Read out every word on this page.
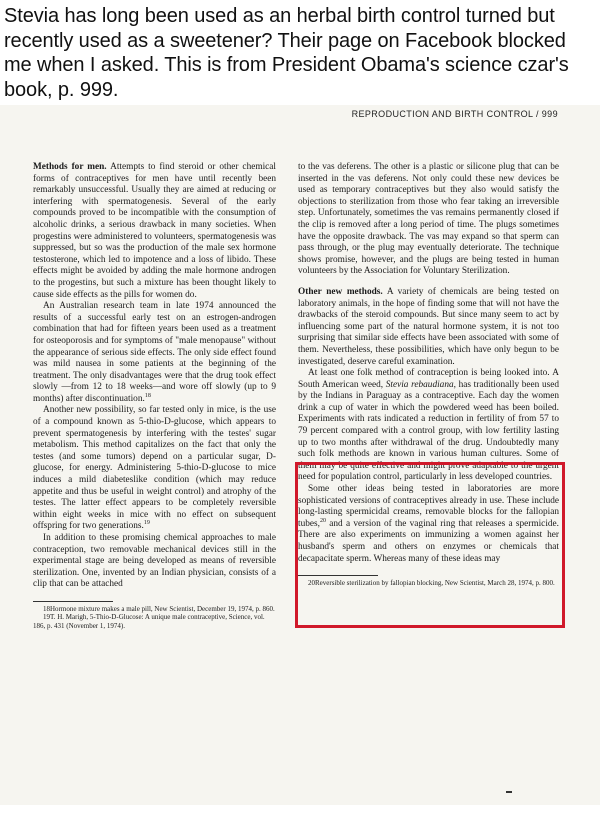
Stevia has long been used as an herbal birth control turned but recently used as a sweetener? Their page on Facebook blocked me when I asked. This is from President Obama's science czar's book, p. 999.

REPRODUCTION AND BIRTH CONTROL / 999

Methods for men. Attempts to find steroid or other chemical forms of contraceptives for men have until recently been remarkably unsuccessful. Usually they are aimed at reducing or interfering with spermatogenesis. Several of the early compounds proved to be incompatible with the consumption of alcoholic drinks, a serious drawback in many societies. When progestins were administered to volunteers, spermatogenesis was suppressed, but so was the production of the male sex hormone testosterone, which led to impotence and a loss of libido. These effects might be avoided by adding the male hormone androgen to the progestins, but such a mixture has been thought likely to cause side effects as the pills for women do.

An Australian research team in late 1974 announced the results of a successful early test on an estrogen-androgen combination that had for fifteen years been used as a treatment for osteoporosis and for symptoms of "male menopause" without the appearance of serious side effects. The only side effect found was mild nausea in some patients at the beginning of the treatment. The only disadvantages were that the drug took effect slowly —from 12 to 18 weeks—and wore off slowly (up to 9 months) after discontinuation.$^{18}$

Another new possibility, so far tested only in mice, is the use of a compound known as 5-thio-D-glucose, which appears to prevent spermatogenesis by interfering with the testes' sugar metabolism. This method capitalizes on the fact that only the testes (and some tumors) depend on a particular sugar, D-glucose, for energy. Administering 5-thio-D-glucose to mice induces a mild diabeteslike condition (which may reduce appetite and thus be useful in weight control) and atrophy of the testes. The latter effect appears to be completely reversible within eight weeks in mice with no effect on subsequent offspring for two generations.$^{19}$

In addition to these promising chemical approaches to male contraception, two removable mechanical devices still in the experimental stage are being developed as means of reversible sterilization. One, invented by an Indian physician, consists of a clip that can be attached

18Hormone mixture makes a male pill, New Scientist, December 19, 1974, p. 860.

19T. H. Marigh, 5-Thio-D-Glucose: A unique male contraceptive, Science, vol. 186, p. 431 (November 1, 1974).

to the vas deferens. The other is a plastic or silicone plug that can be inserted in the vas deferens. Not only could these new devices be used as temporary contraceptives but they also would satisfy the objections to sterilization from those who fear taking an irreversible step. Unfortunately, sometimes the vas remains permanently closed if the clip is removed after a long period of time. The plugs sometimes have the opposite drawback. The vas may expand so that sperm can pass through, or the plug may eventually deteriorate. The technique shows promise, however, and the plugs are being tested in human volunteers by the Association for Voluntary Sterilization.

Other new methods. A variety of chemicals are being tested on laboratory animals, in the hope of finding some that will not have the drawbacks of the steroid compounds. But since many seem to act by influencing some part of the natural hormone system, it is not too surprising that similar side effects have been associated with some of them. Nevertheless, these possibilities, which have only begun to be investigated, deserve careful examination.

At least one folk method of contraception is being looked into. A South American weed, Stevia rebaudiana, has traditionally been used by the Indians in Paraguay as a contraceptive. Each day the women drink a cup of water in which the powdered weed has been boiled. Experiments with rats indicated a reduction in fertility of from 57 to 79 percent compared with a control group, with low fertility lasting up to two months after withdrawal of the drug. Undoubtedly many such folk methods are known in various human cultures. Some of them may be quite effective and might prove adaptable to the urgent need for population control, particularly in less developed countries.

Some other ideas being tested in laboratories are more sophisticated versions of contraceptives already in use. These include long-lasting spermicidal creams, removable blocks for the fallopian tubes,$^{20}$ and a version of the vaginal ring that releases a spermicide. There are also experiments on immunizing a women against her husband's sperm and others on enzymes or chemicals that decapacitate sperm. Whereas many of these ideas may

20Reversible sterilization by fallopian blocking, New Scientist, March 28, 1974, p. 800.
